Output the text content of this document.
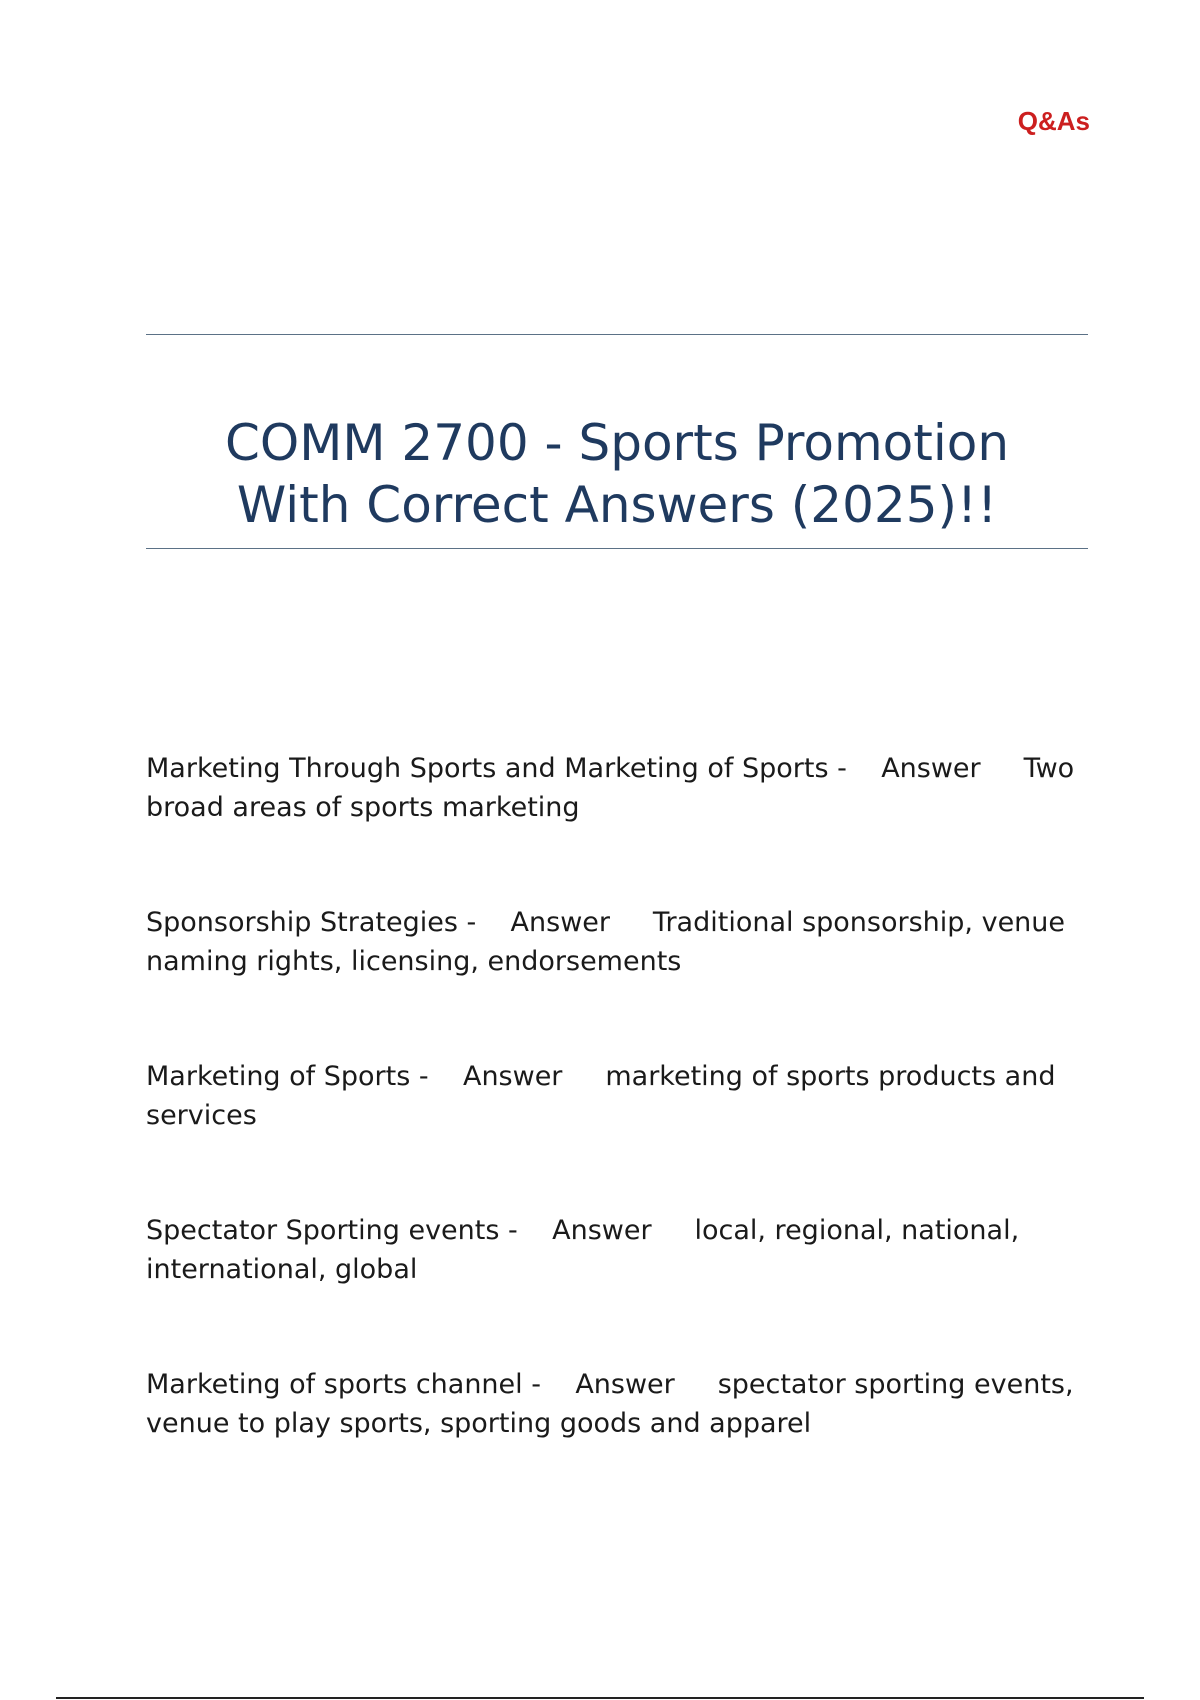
Q&As
COMM 2700 - Sports Promotion
With Correct Answers (2025)!!
Marketing Through Sports and Marketing of Sports -    Answer Two broad areas of sports marketing
Sponsorship Strategies -    Answer Traditional sponsorship, venue naming rights, licensing, endorsements
Marketing of Sports -    Answer marketing of sports products and services
Spectator Sporting events -    Answer local, regional, national, international, global
Marketing of sports channel -    Answer spectator sporting events, venue to play sports, sporting goods and apparel
